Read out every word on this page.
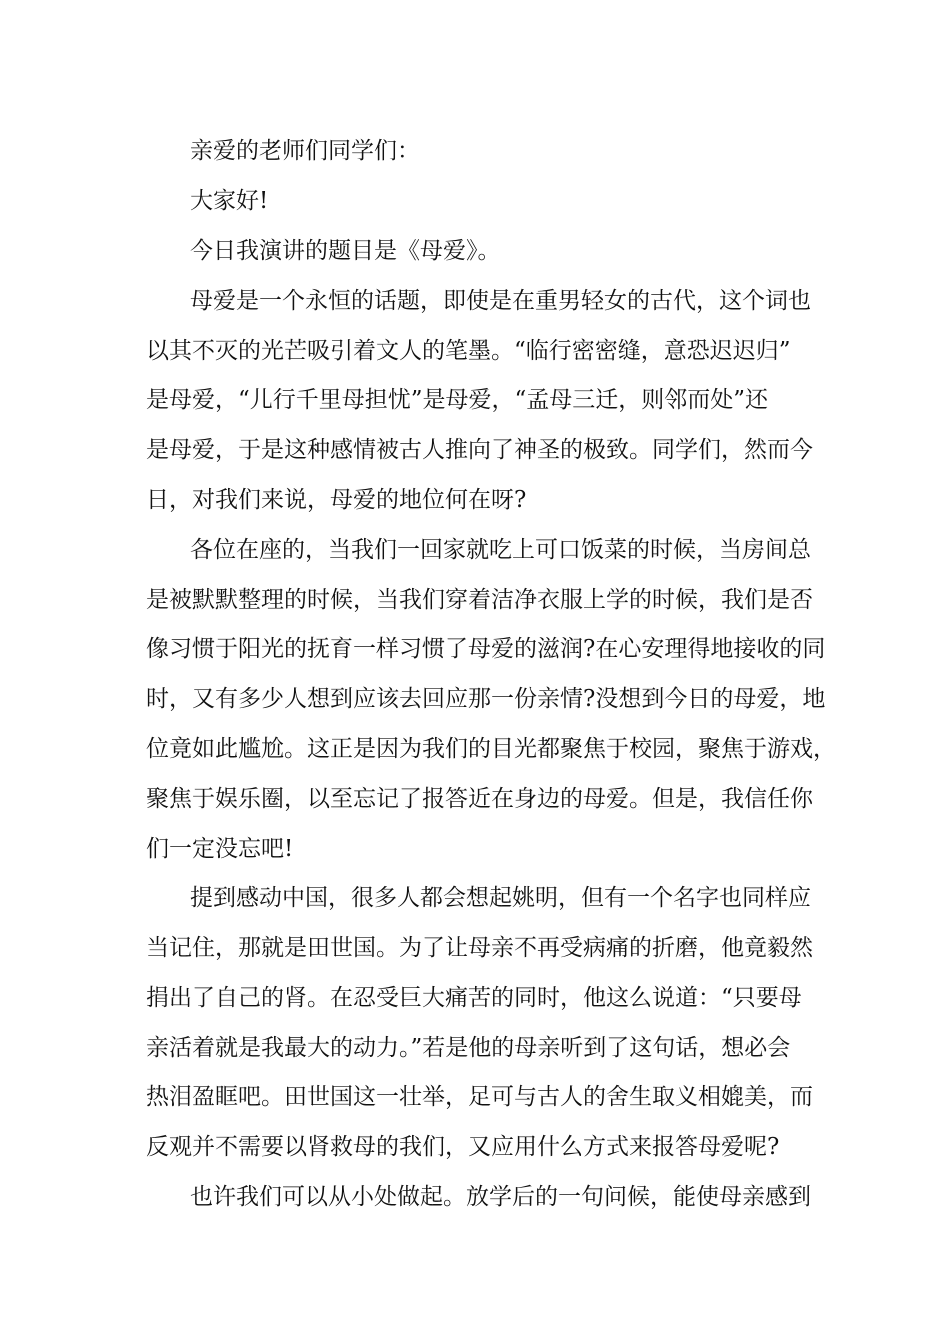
亲爱的老师们同学们：
大家好!
今日我演讲的题目是《母爱》。
母爱是一个永恒的话题，即使是在重男轻女的古代，这个词也
以其不灭的光芒吸引着文人的笔墨。“临行密密缝，意恐迟迟归”
是母爱，“儿行千里母担忧”是母爱，“孟母三迁，则邻而处”还
是母爱，于是这种感情被古人推向了神圣的极致。同学们，然而今
日，对我们来说，母爱的地位何在呀?
各位在座的，当我们一回家就吃上可口饭菜的时候，当房间总
是被默默整理的时候，当我们穿着洁净衣服上学的时候，我们是否
像习惯于阳光的抚育一样习惯了母爱的滋润?在心安理得地接收的同
时，又有多少人想到应该去回应那一份亲情?没想到今日的母爱，地
位竟如此尴尬。这正是因为我们的目光都聚焦于校园，聚焦于游戏，
聚焦于娱乐圈，以至忘记了报答近在身边的母爱。但是，我信任你
们一定没忘吧!
提到感动中国，很多人都会想起姚明，但有一个名字也同样应
当记住，那就是田世国。为了让母亲不再受病痛的折磨，他竟毅然
捐出了自己的肾。在忍受巨大痛苦的同时，他这么说道：“只要母
亲活着就是我最大的动力。”若是他的母亲听到了这句话，想必会
热泪盈眶吧。田世国这一壮举，足可与古人的舍生取义相媲美，而
反观并不需要以肾救母的我们，又应用什么方式来报答母爱呢?
也许我们可以从小处做起。放学后的一句问候，能使母亲感到
